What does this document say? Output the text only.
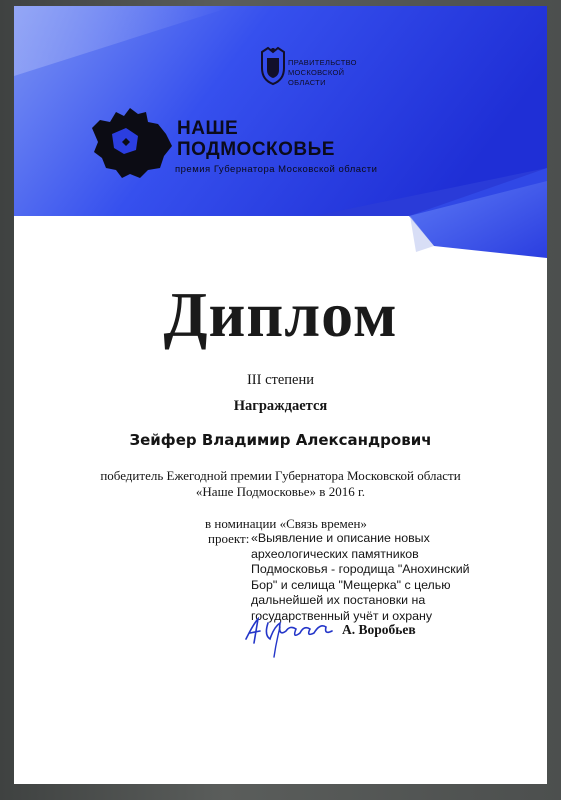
ПРАВИТЕЛЬСТВО
МОСКОВСКОЙ
ОБЛАСТИ
НАШЕ
ПОДМОСКОВЬЕ
премия Губернатора Московской области
Диплом
III степени
Награждается
Зейфер Владимир Александрович
победитель Ежегодной премии Губернатора Московской области
«Наше Подмосковье» в 2016 г.
в номинации «Связь времен»
проект: «Выявление и описание новых
археологических памятников
Подмосковья - городища "Анохинский
Бор" и селища "Мещерка" с целью
дальнейшей их постановки на
государственный учёт и охрану
А. Воробьев
